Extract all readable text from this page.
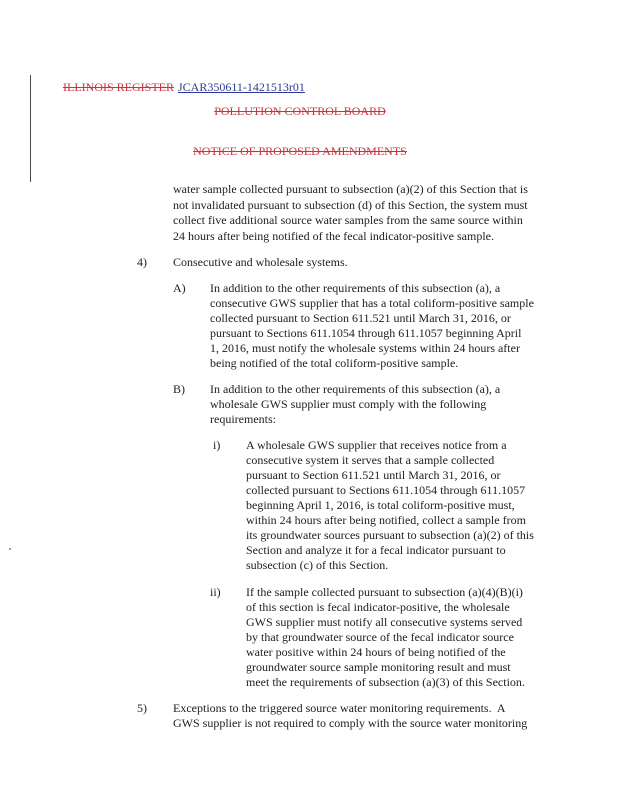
ILLINOIS REGISTER JCAR350611-1421513r01
POLLUTION CONTROL BOARD
NOTICE OF PROPOSED AMENDMENTS
water sample collected pursuant to subsection (a)(2) of this Section that is
not invalidated pursuant to subsection (d) of this Section, the system must
collect five additional source water samples from the same source within
24 hours after being notified of the fecal indicator-positive sample.
4) Consecutive and wholesale systems.
A) In addition to the other requirements of this subsection (a), a
consecutive GWS supplier that has a total coliform-positive sample
collected pursuant to Section 611.521 until March 31, 2016, or
pursuant to Sections 611.1054 through 611.1057 beginning April
1, 2016, must notify the wholesale systems within 24 hours after
being notified of the total coliform-positive sample.
B) In addition to the other requirements of this subsection (a), a
wholesale GWS supplier must comply with the following
requirements:
i) A wholesale GWS supplier that receives notice from a
consecutive system it serves that a sample collected
pursuant to Section 611.521 until March 31, 2016, or
collected pursuant to Sections 611.1054 through 611.1057
beginning April 1, 2016, is total coliform-positive must,
within 24 hours after being notified, collect a sample from
its groundwater sources pursuant to subsection (a)(2) of this
Section and analyze it for a fecal indicator pursuant to
subsection (c) of this Section.
ii) If the sample collected pursuant to subsection (a)(4)(B)(i)
of this section is fecal indicator-positive, the wholesale
GWS supplier must notify all consecutive systems served
by that groundwater source of the fecal indicator source
water positive within 24 hours of being notified of the
groundwater source sample monitoring result and must
meet the requirements of subsection (a)(3) of this Section.
5) Exceptions to the triggered source water monitoring requirements.  A
GWS supplier is not required to comply with the source water monitoring
